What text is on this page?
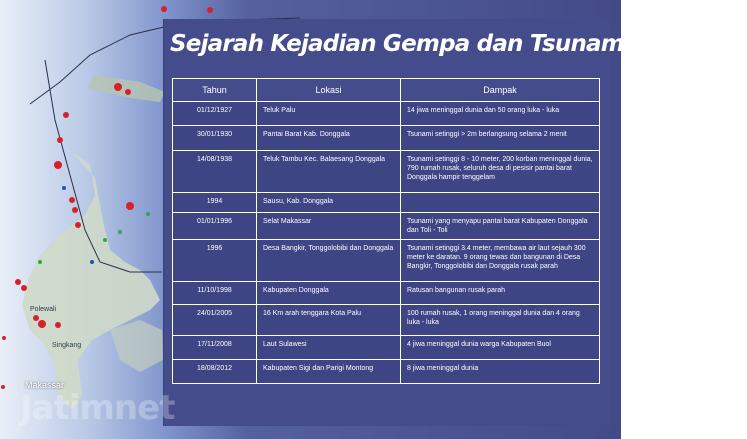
Polewali
Singkang
Makassar
Sejarah Kejadian Gempa dan Tsunami Sulawesi
Tahun	Lokasi	Dampak
01/12/1927	Teluk Palu	14 jiwa meninggal dunia dan 50 orang luka - luka
30/01/1930	Pantai Barat Kab. Donggala	Tsunami setinggi > 2m berlangsung selama 2 menit
14/08/1938	Teluk Tambu Kec. Balaesang Donggala	Tsunami setinggi 8 - 10 meter, 200 korban meninggal dunia, 790 rumah rusak, seluruh desa di pesisir pantai barat Donggala hampir tenggelam
1994	Sausu, Kab. Donggala	
01/01/1996	Selat Makassar	Tsunami yang menyapu pantai barat Kabupaten Donggala dan Toli - Toli
1996	Desa Bangkir, Tonggolobibi dan Donggala	Tsunami setinggi 3.4 meter, membawa air laut sejauh 300 meter ke daratan. 9 orang tewas dan bangunan di Desa Bangkir, Tonggolobibi dan Donggala rusak parah
11/10/1998	Kabupaten Donggala	Ratusan bangunan rusak parah
24/01/2005	16 Km arah tenggara Kota Palu	100 rumah rusak, 1 orang meninggal dunia dan 4 orang luka - luka
17/11/2008	Laut Sulawesi	4 jiwa meninggal dunia warga Kabupaten Buol
18/08/2012	Kabupaten Sigi dan Parigi Montong	8 jiwa meninggal dunia
Jatimnet
